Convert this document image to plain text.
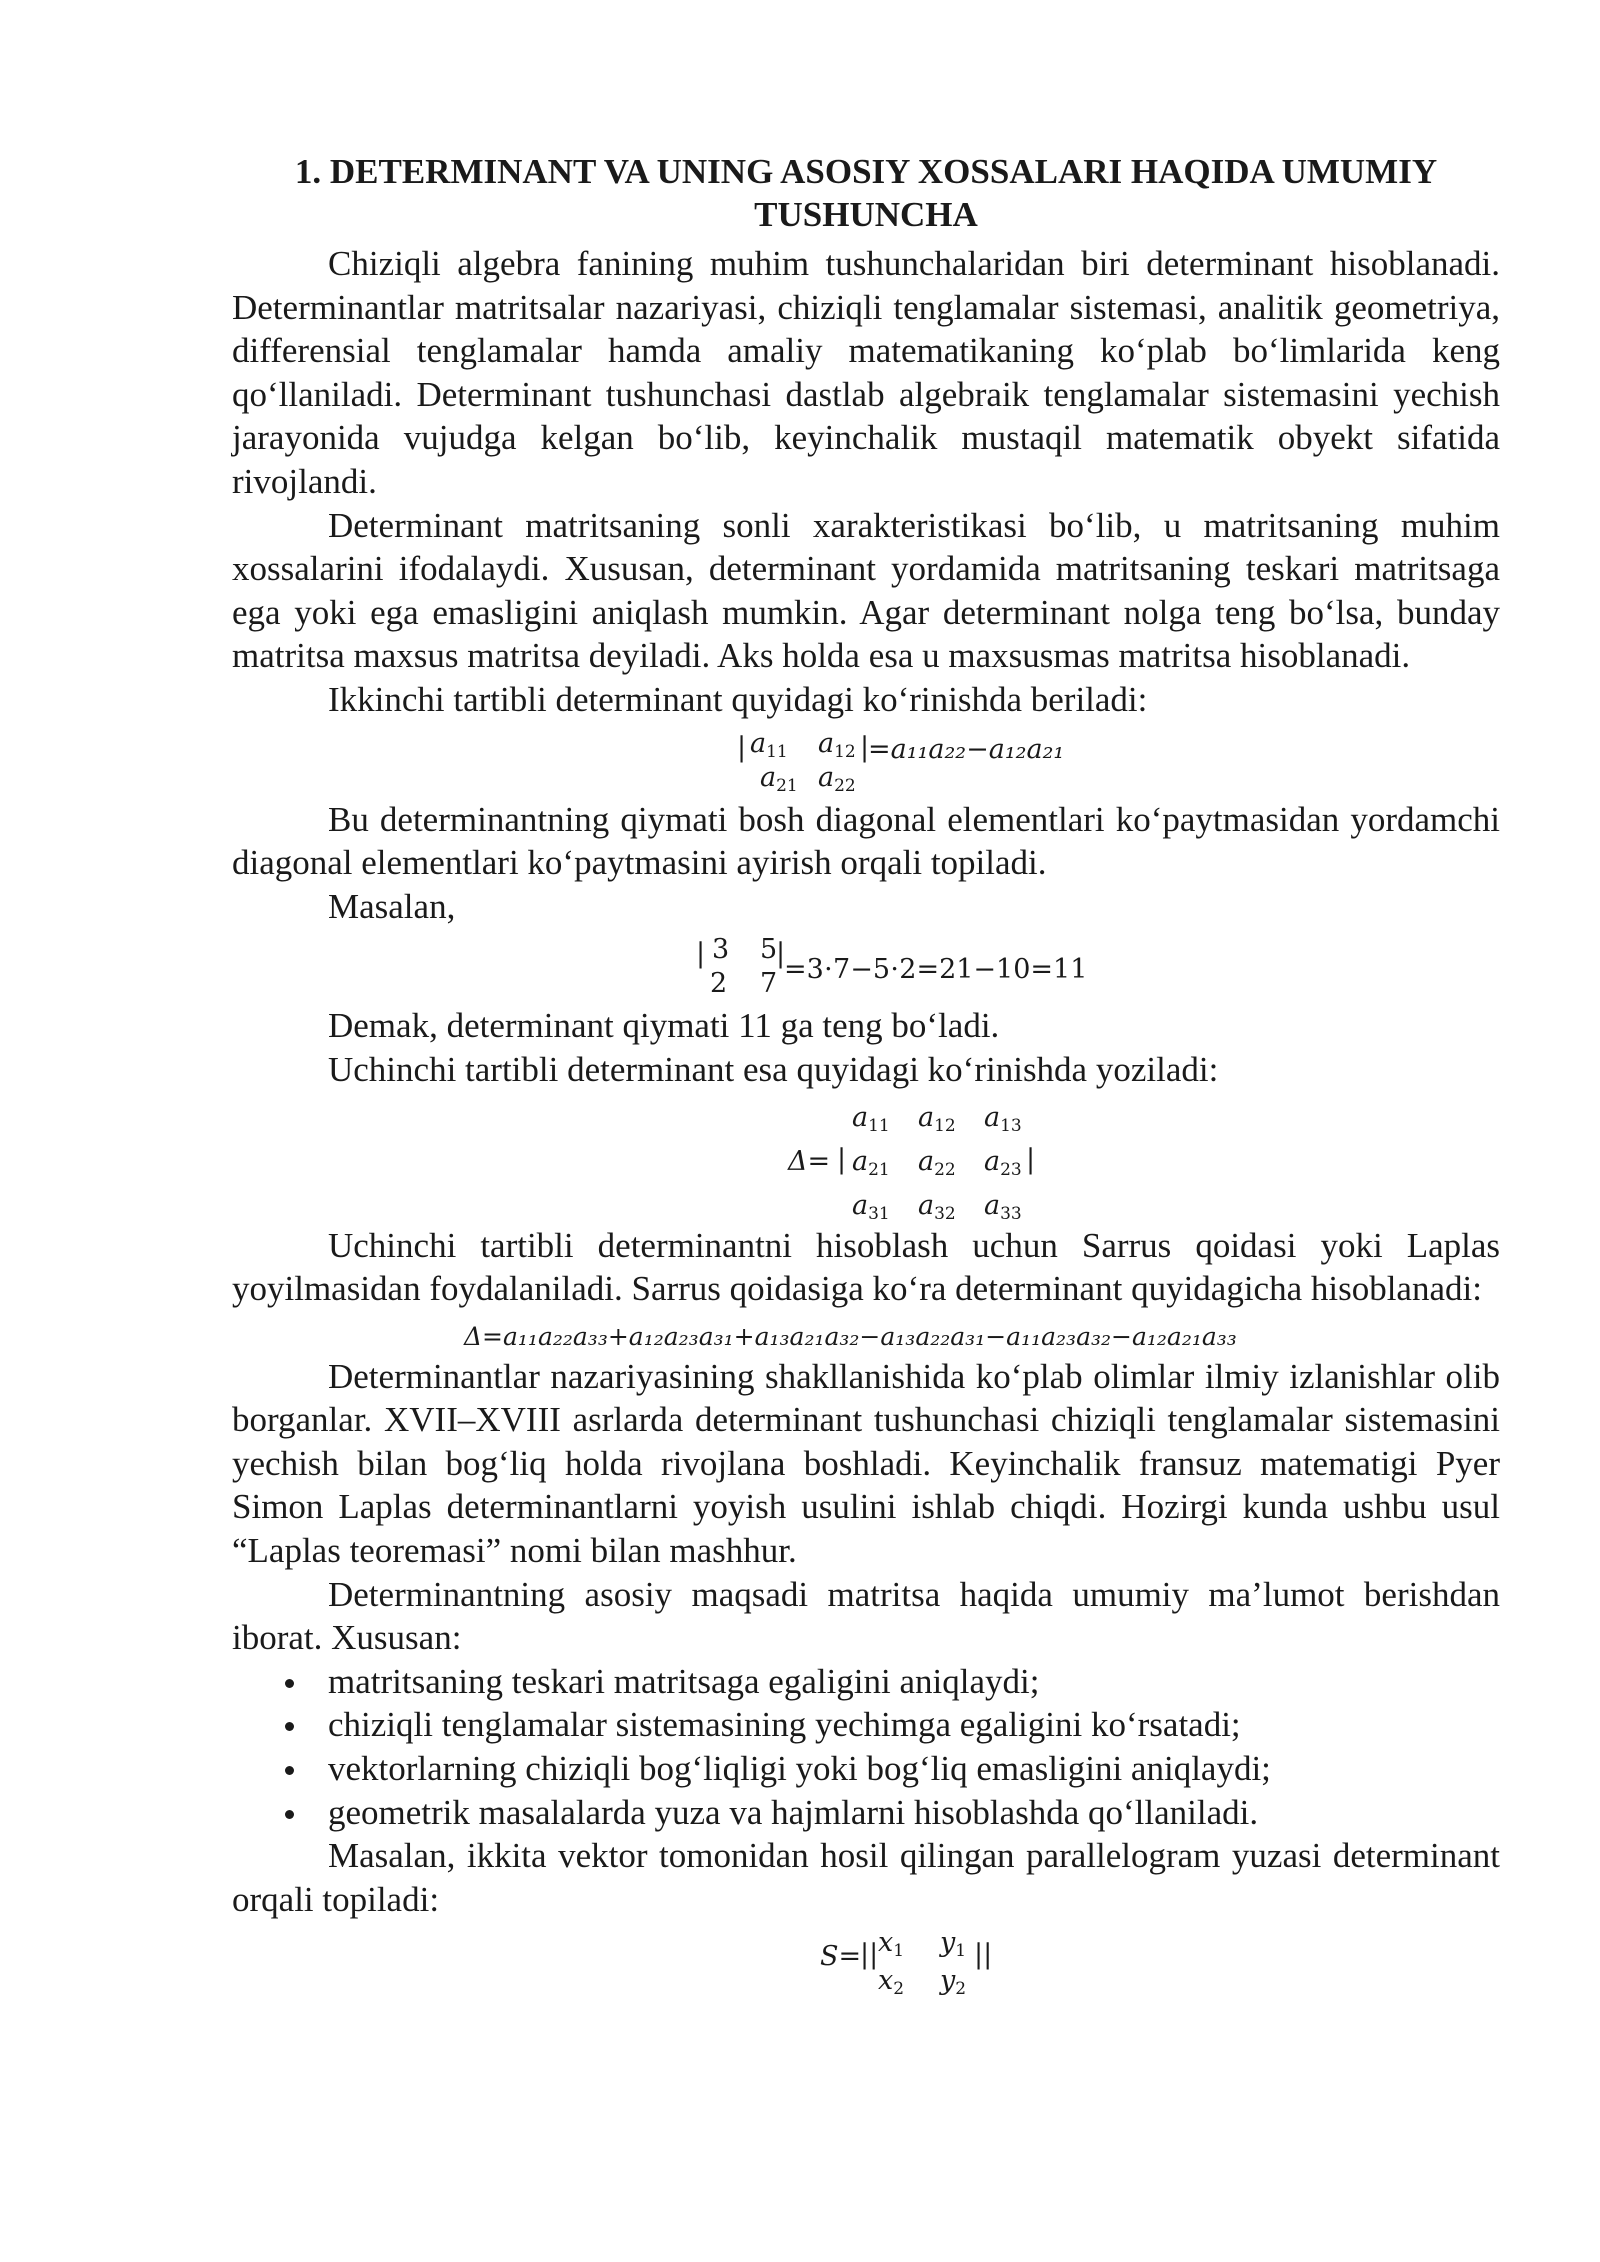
1. DETERMINANT VA UNING ASOSIY XOSSALARI HAQIDA UMUMIY TUSHUNCHA

Chiziqli algebra fanining muhim tushunchalaridan biri determinant hisoblanadi. Determinantlar matritsalar nazariyasi, chiziqli tenglamalar sistemasi, analitik geometriya, differensial tenglamalar hamda amaliy matematikaning ko‘plab bo‘limlarida keng qo‘llaniladi. Determinant tushunchasi dastlab algebraik tenglamalar sistemasini yechish jarayonida vujudga kelgan bo‘lib, keyinchalik mustaqil matematik obyekt sifatida rivojlandi.

Determinant matritsaning sonli xarakteristikasi bo‘lib, u matritsaning muhim xossalarini ifodalaydi. Xususan, determinant yordamida matritsaning teskari matritsaga ega yoki ega emasligini aniqlash mumkin. Agar determinant nolga teng bo‘lsa, bunday matritsa maxsus matritsa deyiladi. Aks holda esa u maxsusmas matritsa hisoblanadi.

Ikkinchi tartibli determinant quyidagi ko‘rinishda beriladi:

| $a_{11}$ $a_{12}$
$a_{21}$ $a_{22}$
|
=a₁₁a₂₂−a₁₂a₂₁

Bu determinantning qiymati bosh diagonal elementlari ko‘paytmasidan yordamchi diagonal elementlari ko‘paytmasini ayirish orqali topiladi.

Masalan,

| 3 5
2 7
|
=3⋅7−5⋅2=21−10=11

Demak, determinant qiymati 11 ga teng bo‘ladi.

Uchinchi tartibli determinant esa quyidagi ko‘rinishda yoziladi:

$a_{11}$ $a_{12}$ $a_{13}$
Δ= | $a_{21}$ $a_{22}$ $a_{23}$ |
$a_{31}$ $a_{32}$ $a_{33}$

Uchinchi tartibli determinantni hisoblash uchun Sarrus qoidasi yoki Laplas yoyilmasidan foydalaniladi. Sarrus qoidasiga ko‘ra determinant quyidagicha hisoblanadi:

Δ=a₁₁a₂₂a₃₃+a₁₂a₂₃a₃₁+a₁₃a₂₁a₃₂−a₁₃a₂₂a₃₁−a₁₁a₂₃a₃₂−a₁₂a₂₁a₃₃

Determinantlar nazariyasining shakllanishida ko‘plab olimlar ilmiy izlanishlar olib borganlar. XVII–XVIII asrlarda determinant tushunchasi chiziqli tenglamalar sistemasini yechish bilan bog‘liq holda rivojlana boshladi. Keyinchalik fransuz matematigi Pyer Simon Laplas determinantlarni yoyish usulini ishlab chiqdi. Hozirgi kunda ushbu usul “Laplas teoremasi” nomi bilan mashhur.

Determinantning asosiy maqsadi matritsa haqida umumiy ma’lumot berishdan iborat. Xususan:

matritsaning teskari matritsaga egaligini aniqlaydi;
chiziqli tenglamalar sistemasining yechimga egaligini ko‘rsatadi;
vektorlarning chiziqli bog‘liqligi yoki bog‘liq emasligini aniqlaydi;
geometrik masalalarda yuza va hajmlarni hisoblashda qo‘llaniladi.

Masalan, ikkita vektor tomonidan hosil qilingan parallelogram yuzasi determinant orqali topiladi:

S=
|| $x_1$ $y_1$
$x_2$ $y_2$
||
